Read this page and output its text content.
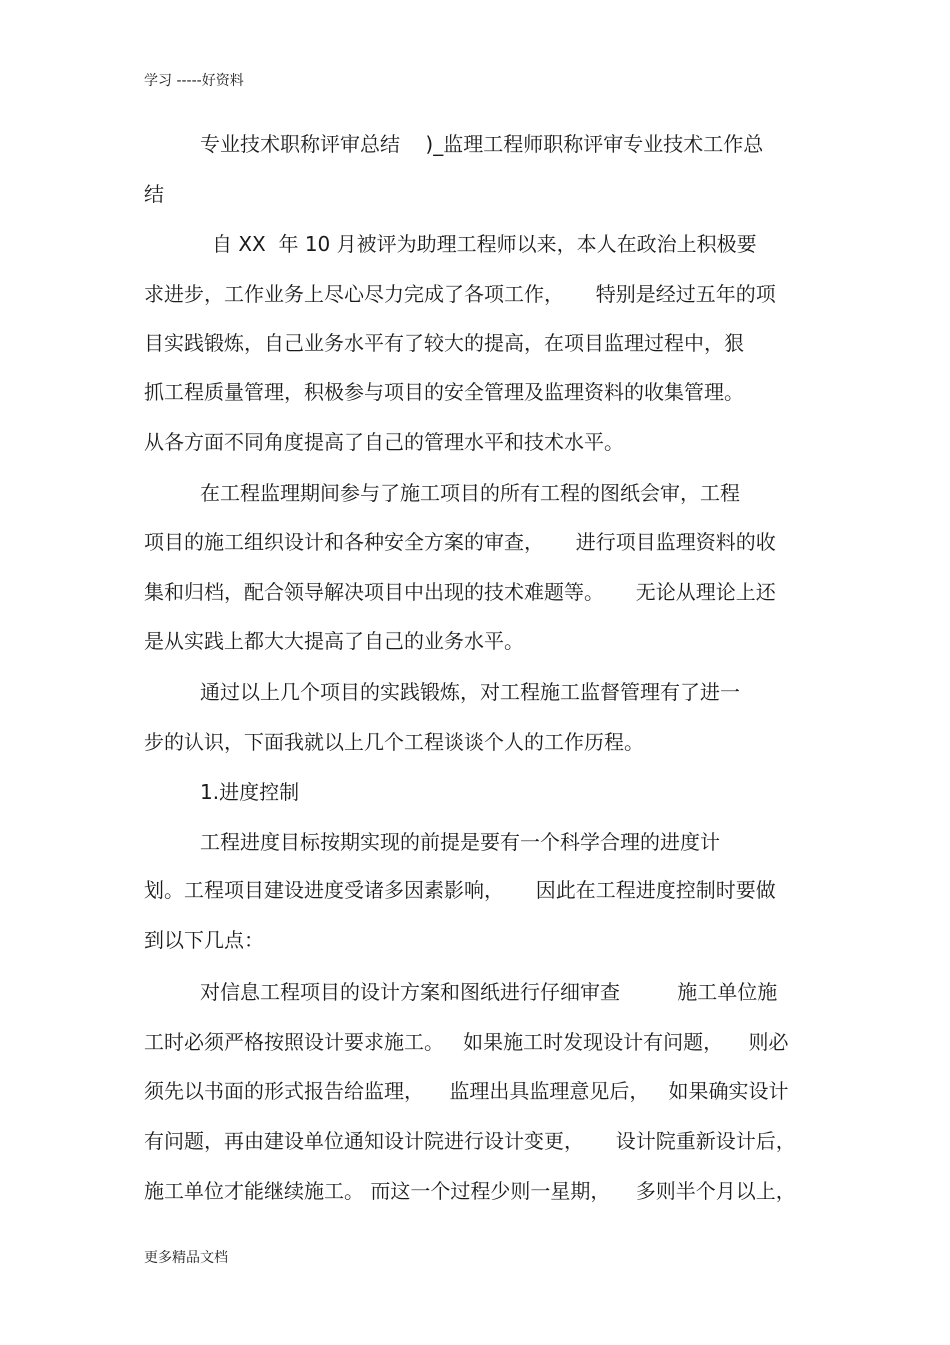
学习 -----好资料
专业技术职称评审总结    )_监理工程师职称评审专业技术工作总
结
自 XX  年 10 月被评为助理工程师以来，本人在政治上积极要
求进步，工作业务上尽心尽力完成了各项工作，     特别是经过五年的项
目实践锻炼，自己业务水平有了较大的提高，在项目监理过程中，狠
抓工程质量管理，积极参与项目的安全管理及监理资料的收集管理。
从各方面不同角度提高了自己的管理水平和技术水平。
在工程监理期间参与了施工项目的所有工程的图纸会审，工程
项目的施工组织设计和各种安全方案的审查，     进行项目监理资料的收
集和归档，配合领导解决项目中出现的技术难题等。     无论从理论上还
是从实践上都大大提高了自己的业务水平。
通过以上几个项目的实践锻炼，对工程施工监督管理有了进一
步的认识，下面我就以上几个工程谈谈个人的工作历程。
1.进度控制
工程进度目标按期实现的前提是要有一个科学合理的进度计
划。工程项目建设进度受诸多因素影响，     因此在工程进度控制时要做
到以下几点：
对信息工程项目的设计方案和图纸进行仔细审查         施工单位施
工时必须严格按照设计要求施工。   如果施工时发现设计有问题，    则必
须先以书面的形式报告给监理，    监理出具监理意见后，   如果确实设计
有问题，再由建设单位通知设计院进行设计变更，     设计院重新设计后，
施工单位才能继续施工。 而这一个过程少则一星期，    多则半个月以上，
更多精品文档
